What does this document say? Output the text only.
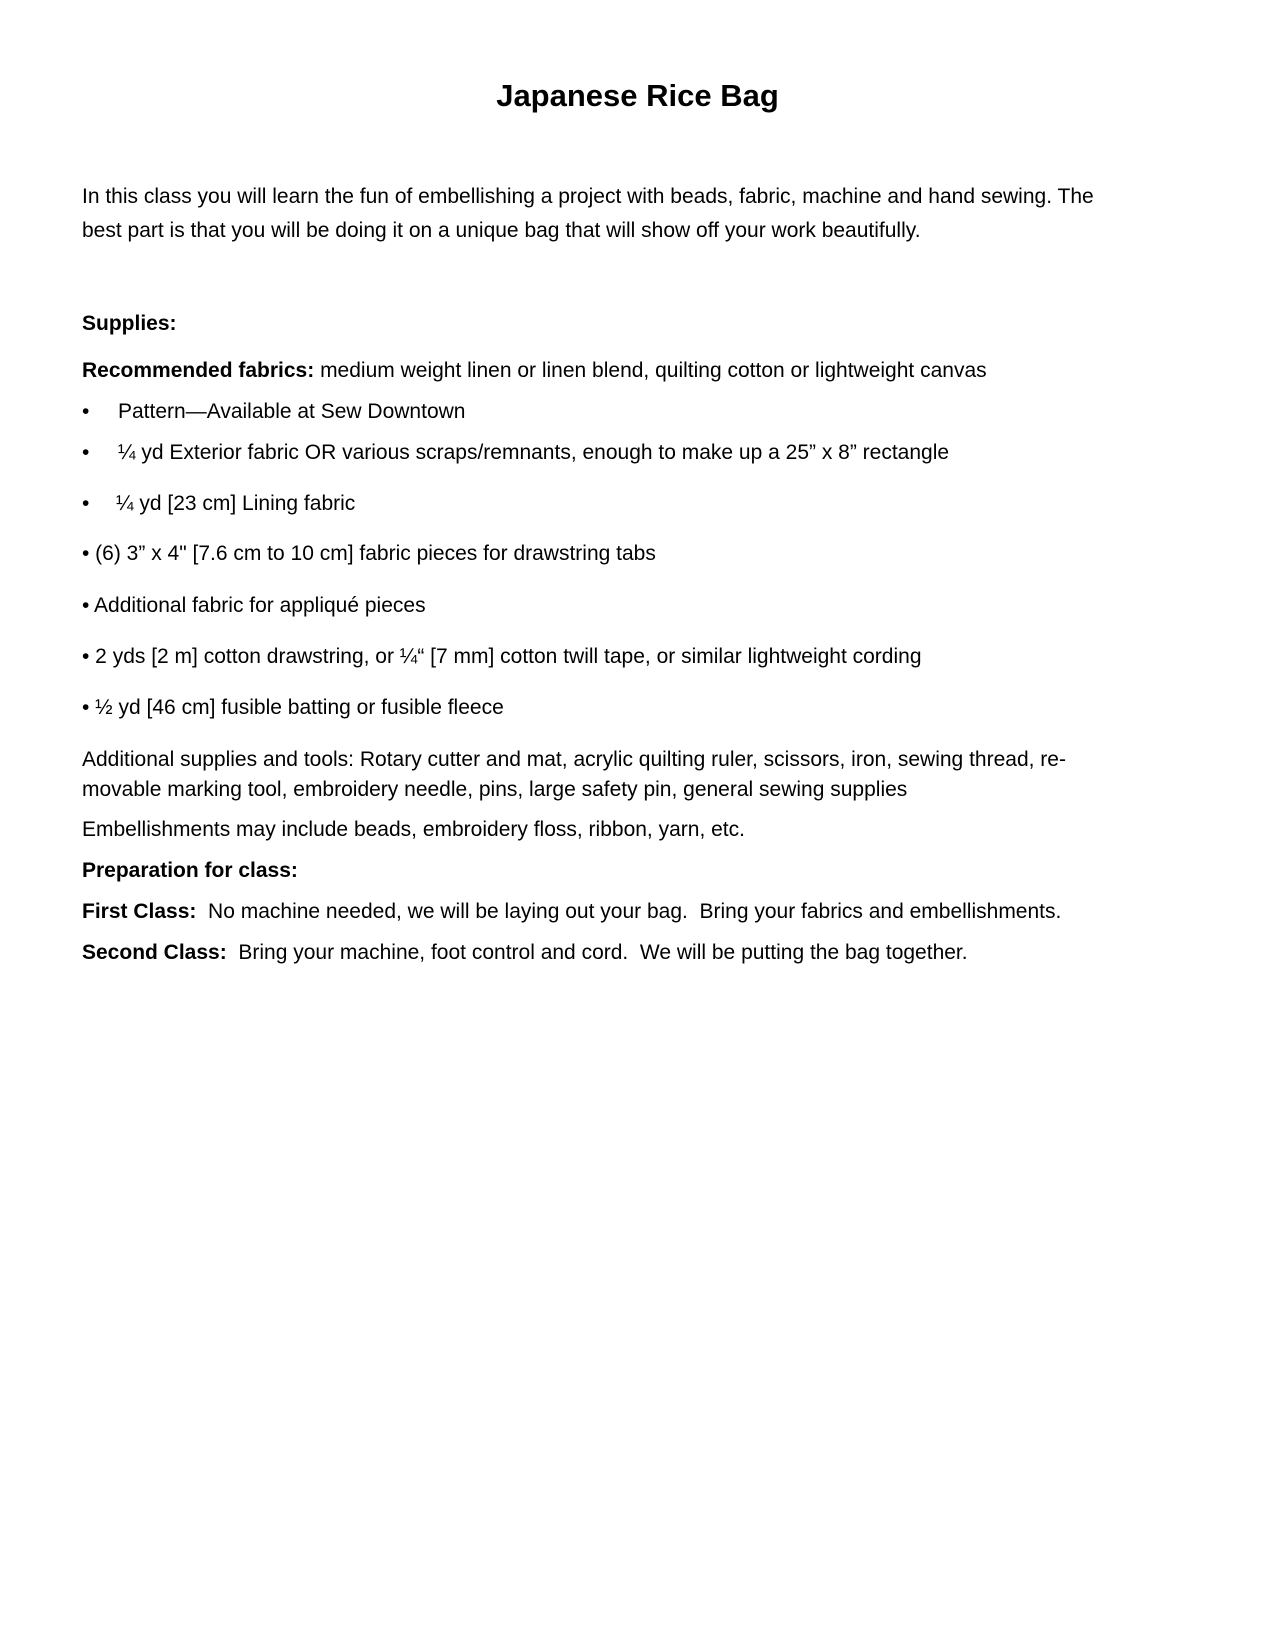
Japanese Rice Bag
In this class you will learn the fun of embellishing a project with beads, fabric, machine and hand sewing. The
best part is that you will be doing it on a unique bag that will show off your work beautifully.
Supplies:
Recommended fabrics: medium weight linen or linen blend, quilting cotton or lightweight canvas
• Pattern—Available at Sew Downtown
• ¼ yd Exterior fabric OR various scraps/remnants, enough to make up a 25” x 8” rectangle
• ¼ yd [23 cm] Lining fabric
• (6) 3” x 4" [7.6 cm to 10 cm] fabric pieces for drawstring tabs
• Additional fabric for appliqué pieces
• 2 yds [2 m] cotton drawstring, or ¼“ [7 mm] cotton twill tape, or similar lightweight cording
• ½ yd [46 cm] fusible batting or fusible fleece
Additional supplies and tools: Rotary cutter and mat, acrylic quilting ruler, scissors, iron, sewing thread, re-
movable marking tool, embroidery needle, pins, large safety pin, general sewing supplies
Embellishments may include beads, embroidery floss, ribbon, yarn, etc.
Preparation for class:
First Class:  No machine needed, we will be laying out your bag.  Bring your fabrics and embellishments.
Second Class:  Bring your machine, foot control and cord.  We will be putting the bag together.
